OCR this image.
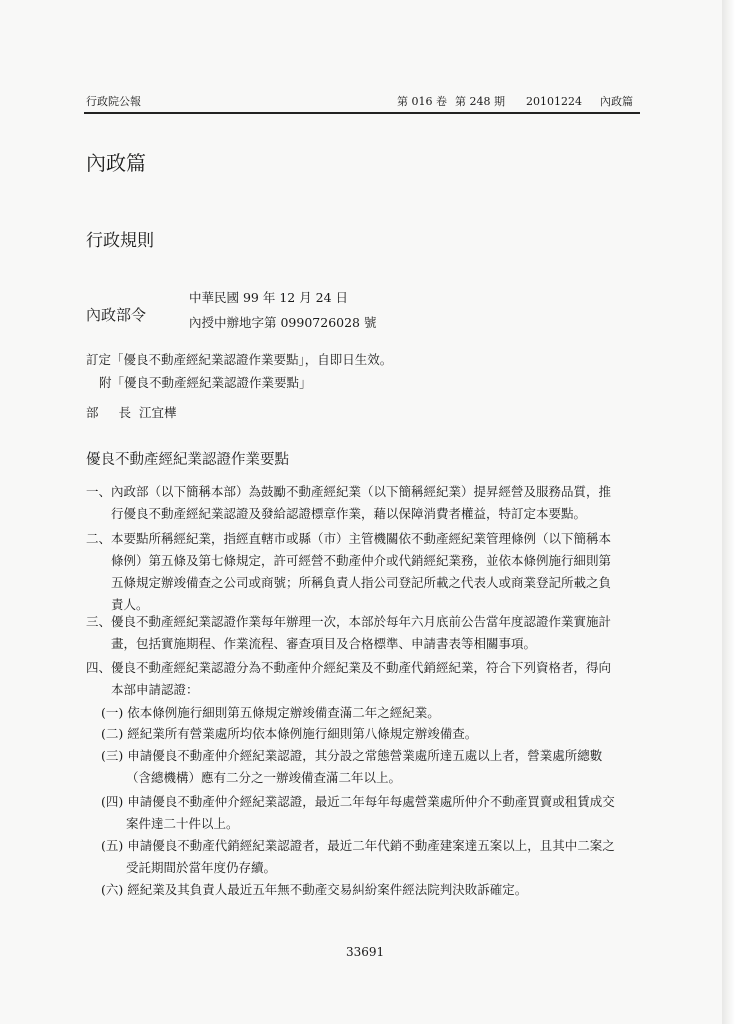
行政院公報	第 016 卷 第 248 期 20101224 內政篇
內政篇
行政規則
內政部令
中華民國 99 年 12 月 24 日
內授中辦地字第 0990726028 號
訂定「優良不動產經紀業認證作業要點」，自即日生效。
附「優良不動產經紀業認證作業要點」
部 長 江宜樺
優良不動產經紀業認證作業要點
一、內政部（以下簡稱本部）為鼓勵不動產經紀業（以下簡稱經紀業）提昇經營及服務品質，推
行優良不動產經紀業認證及發給認證標章作業，藉以保障消費者權益，特訂定本要點。
二、本要點所稱經紀業，指經直轄市或縣（市）主管機關依不動產經紀業管理條例（以下簡稱本
條例）第五條及第七條規定，許可經營不動產仲介或代銷經紀業務，並依本條例施行細則第
五條規定辦竣備查之公司或商號；所稱負責人指公司登記所載之代表人或商業登記所載之負
責人。
三、優良不動產經紀業認證作業每年辦理一次，本部於每年六月底前公告當年度認證作業實施計
畫，包括實施期程、作業流程、審查項目及合格標準、申請書表等相關事項。
四、優良不動產經紀業認證分為不動產仲介經紀業及不動產代銷經紀業，符合下列資格者，得向
本部申請認證：
(一) 依本條例施行細則第五條規定辦竣備查滿二年之經紀業。
(二) 經紀業所有營業處所均依本條例施行細則第八條規定辦竣備查。
(三) 申請優良不動產仲介經紀業認證，其分設之常態營業處所達五處以上者，營業處所總數
（含總機構）應有二分之一辦竣備查滿二年以上。
(四) 申請優良不動產仲介經紀業認證，最近二年每年每處營業處所仲介不動產買賣或租賃成交
案件達二十件以上。
(五) 申請優良不動產代銷經紀業認證者，最近二年代銷不動產建案達五案以上，且其中二案之
受託期間於當年度仍存續。
(六) 經紀業及其負責人最近五年無不動產交易糾紛案件經法院判決敗訴確定。
33691
